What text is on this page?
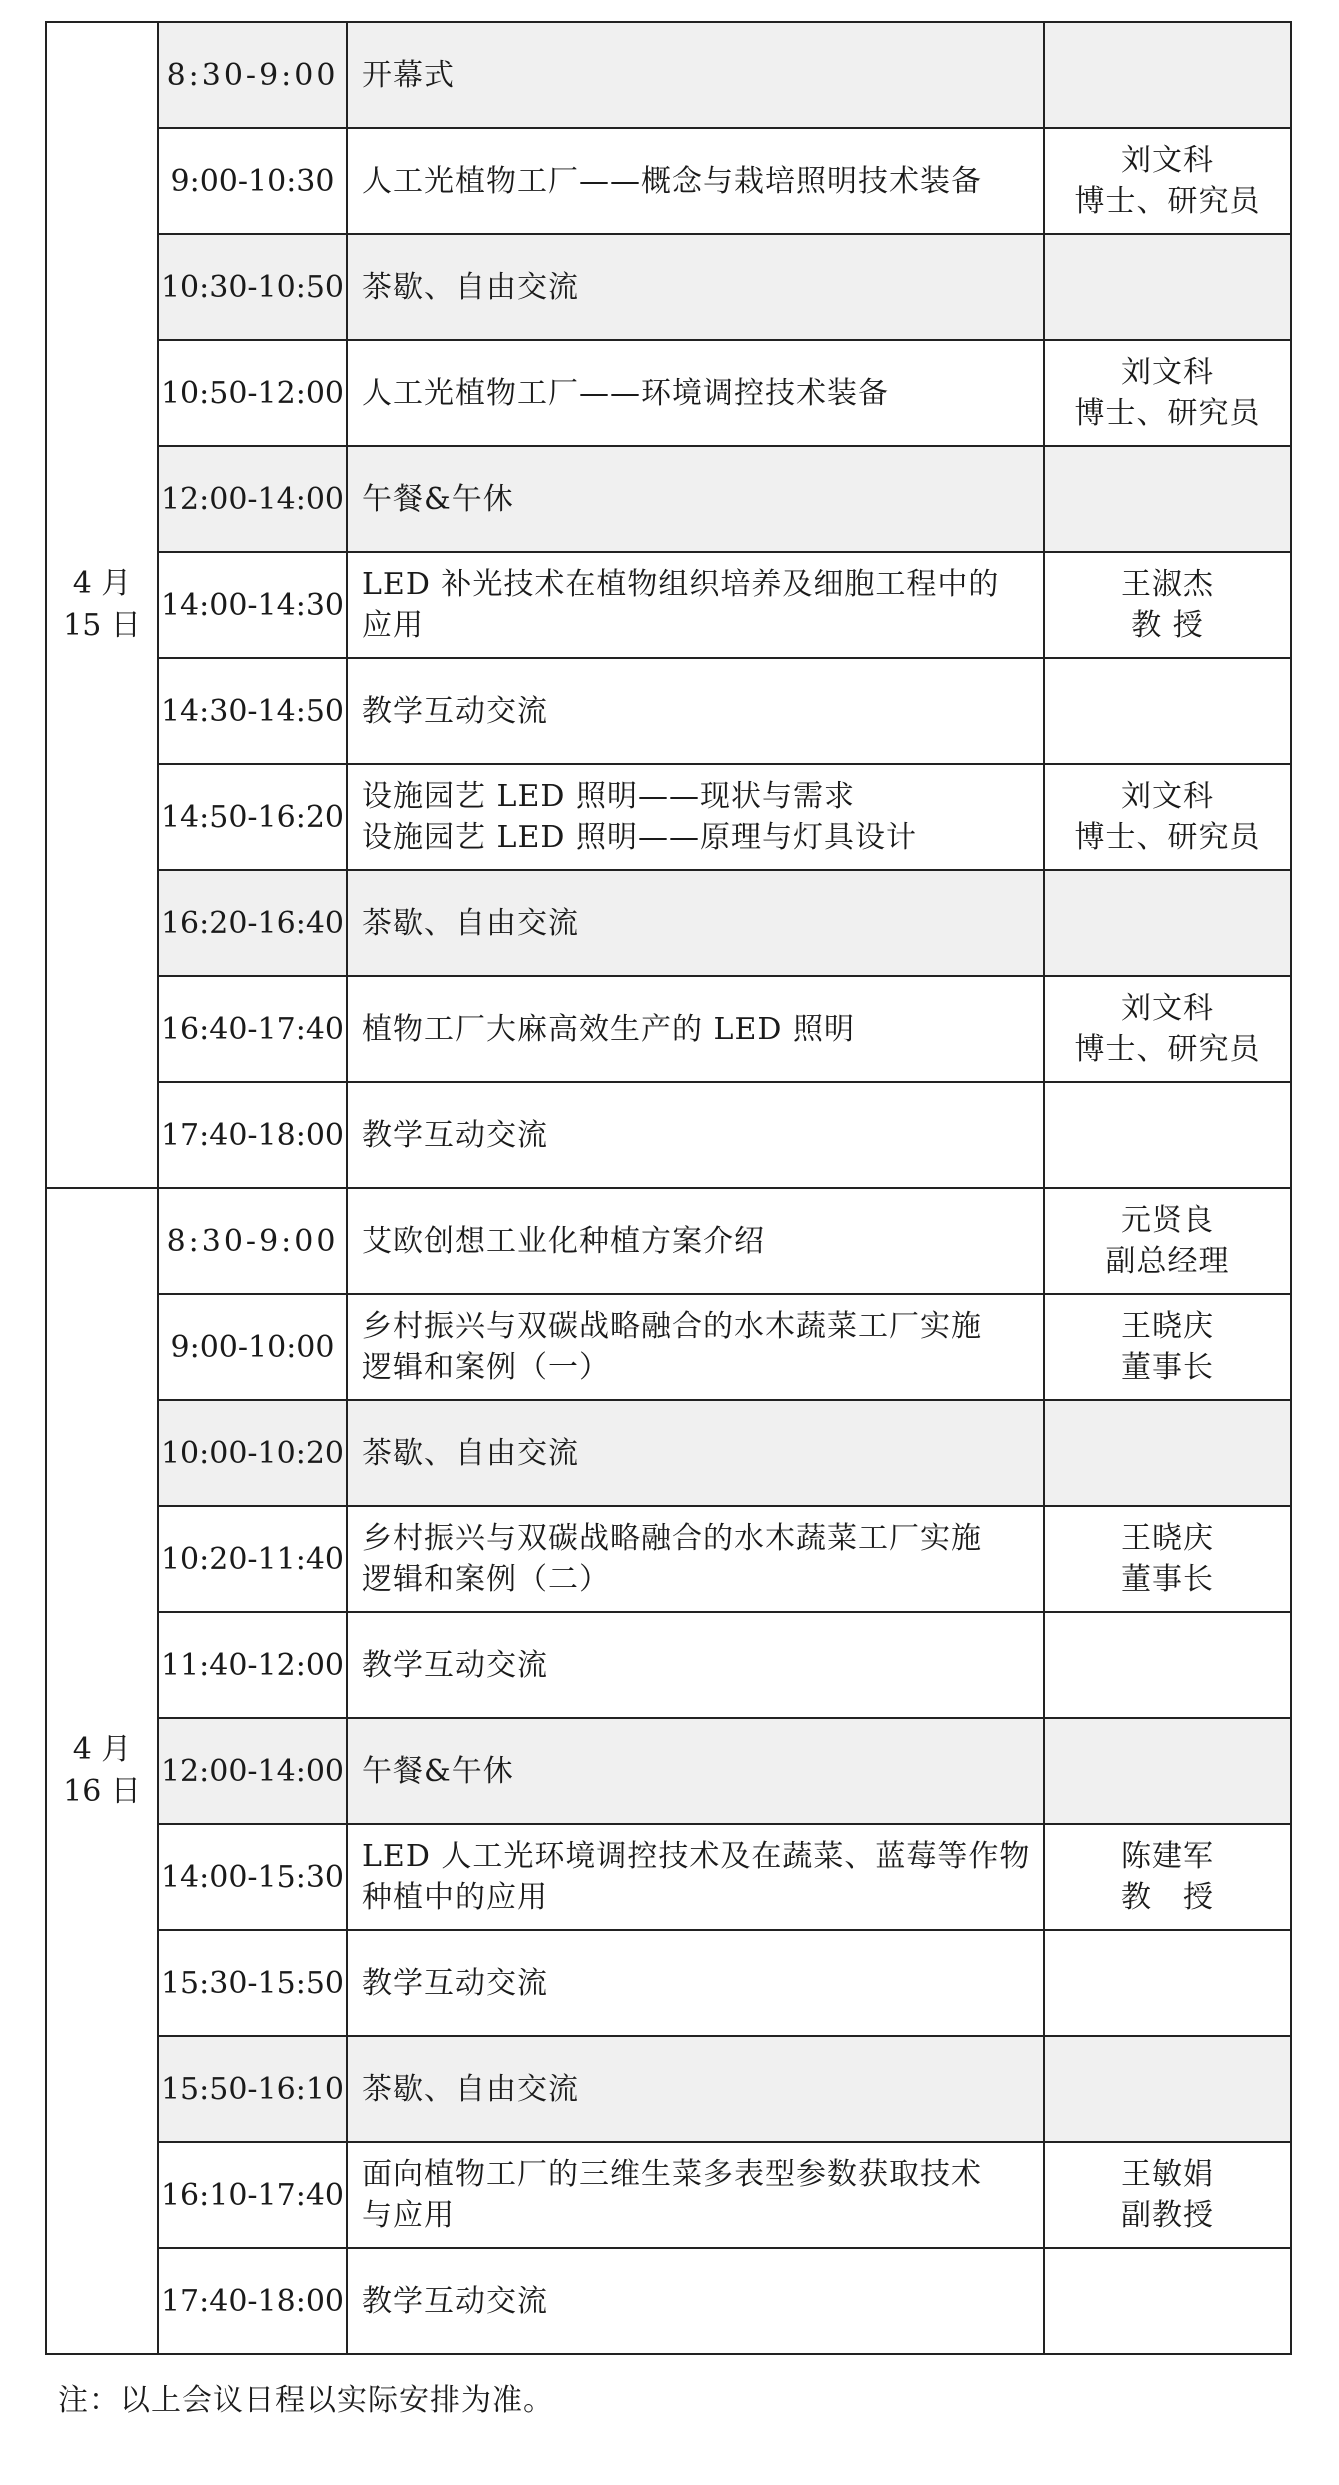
4 月
15 日	8:30-9:00	开幕式	

	9:00-10:30	人工光植物工厂——概念与栽培照明技术装备	刘文科
博士、研究员

	10:30-10:50	茶歇、自由交流	

	10:50-12:00	人工光植物工厂——环境调控技术装备	刘文科
博士、研究员

	12:00-14:00	午餐&午休	

	14:00-14:30	LED 补光技术在植物组织培养及细胞工程中的
应用	王淑杰
教 授

	14:30-14:50	教学互动交流	

	14:50-16:20	设施园艺 LED 照明——现状与需求
设施园艺 LED 照明——原理与灯具设计	刘文科
博士、研究员

	16:20-16:40	茶歇、自由交流	

	16:40-17:40	植物工厂大麻高效生产的 LED 照明	刘文科
博士、研究员

	17:40-18:00	教学互动交流	

4 月
16 日	8:30-9:00	艾欧创想工业化种植方案介绍	元贤良
副总经理

	9:00-10:00	乡村振兴与双碳战略融合的水木蔬菜工厂实施
逻辑和案例（一）	王晓庆
董事长

	10:00-10:20	茶歇、自由交流	

	10:20-11:40	乡村振兴与双碳战略融合的水木蔬菜工厂实施
逻辑和案例（二）	王晓庆
董事长

	11:40-12:00	教学互动交流	

	12:00-14:00	午餐&午休	

	14:00-15:30	LED 人工光环境调控技术及在蔬菜、蓝莓等作物
种植中的应用	陈建军
教　授

	15:30-15:50	教学互动交流	

	15:50-16:10	茶歇、自由交流	

	16:10-17:40	面向植物工厂的三维生菜多表型参数获取技术
与应用	王敏娟
副教授

	17:40-18:00	教学互动交流	

注：以上会议日程以实际安排为准。
